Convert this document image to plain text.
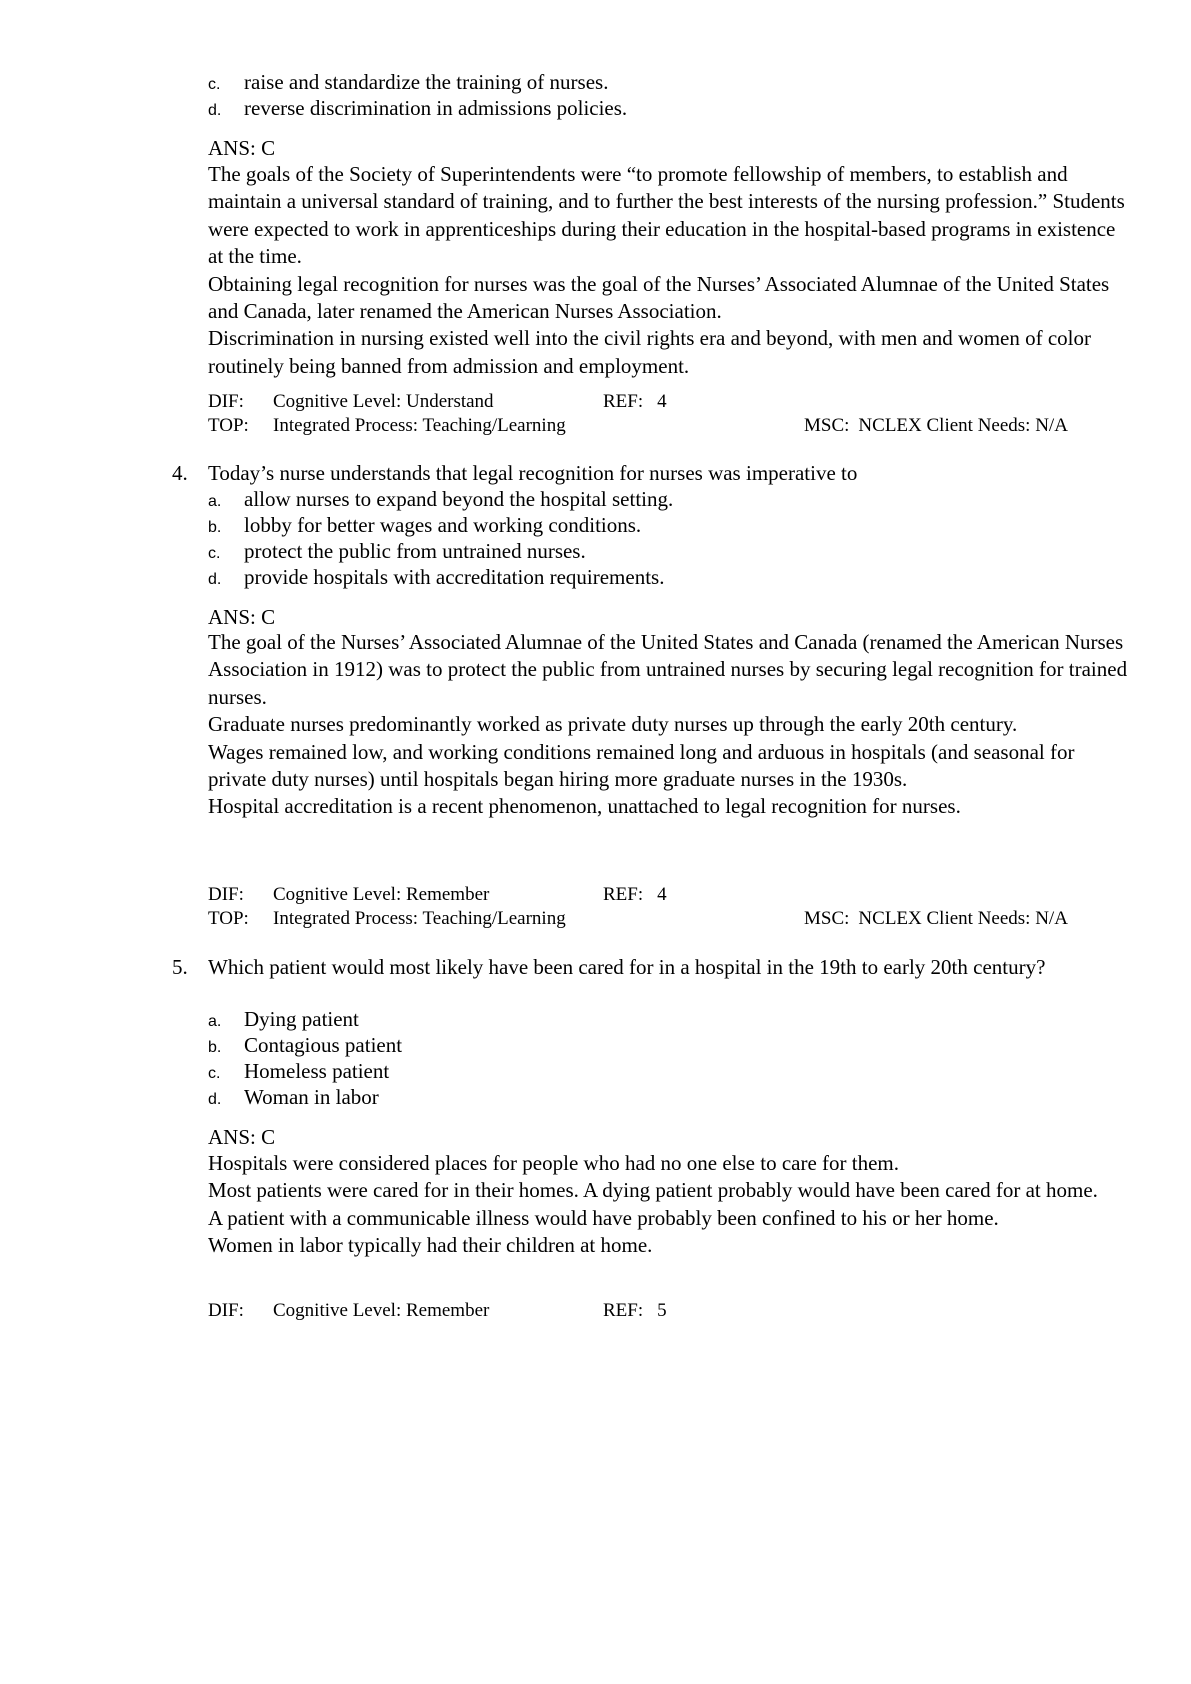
c. raise and standardize the training of nurses.
d. reverse discrimination in admissions policies.
ANS: C

The goals of the Society of Superintendents were “to promote fellowship of members, to establish and maintain a universal standard of training, and to further the best interests of the nursing profession.” Students were expected to work in apprenticeships during their education in the hospital-based programs in existence at the time.

Obtaining legal recognition for nurses was the goal of the Nurses’ Associated Alumnae of the United States and Canada, later renamed the American Nurses Association.

Discrimination in nursing existed well into the civil rights era and beyond, with men and women of color routinely being banned from admission and employment.

DIF: Cognitive Level: Understand	REF: 4
TOP: Integrated Process: Teaching/Learning	MSC: NCLEX Client Needs: N/A
4. Today’s nurse understands that legal recognition for nurses was imperative to
a. allow nurses to expand beyond the hospital setting.
b. lobby for better wages and working conditions.
c. protect the public from untrained nurses.
d. provide hospitals with accreditation requirements.
ANS: C

The goal of the Nurses’ Associated Alumnae of the United States and Canada (renamed the American Nurses Association in 1912) was to protect the public from untrained nurses by securing legal recognition for trained nurses.

Graduate nurses predominantly worked as private duty nurses up through the early 20th century.

Wages remained low, and working conditions remained long and arduous in hospitals (and seasonal for private duty nurses) until hospitals began hiring more graduate nurses in the 1930s.

Hospital accreditation is a recent phenomenon, unattached to legal recognition for nurses.

DIF: Cognitive Level: Remember	REF: 4
TOP: Integrated Process: Teaching/Learning	MSC: NCLEX Client Needs: N/A
5. Which patient would most likely have been cared for in a hospital in the 19th to early 20th century?
a. Dying patient
b. Contagious patient
c. Homeless patient
d. Woman in labor
ANS: C

Hospitals were considered places for people who had no one else to care for them.

Most patients were cared for in their homes. A dying patient probably would have been cared for at home.

A patient with a communicable illness would have probably been confined to his or her home.

Women in labor typically had their children at home.

DIF: Cognitive Level: Remember	REF: 5
